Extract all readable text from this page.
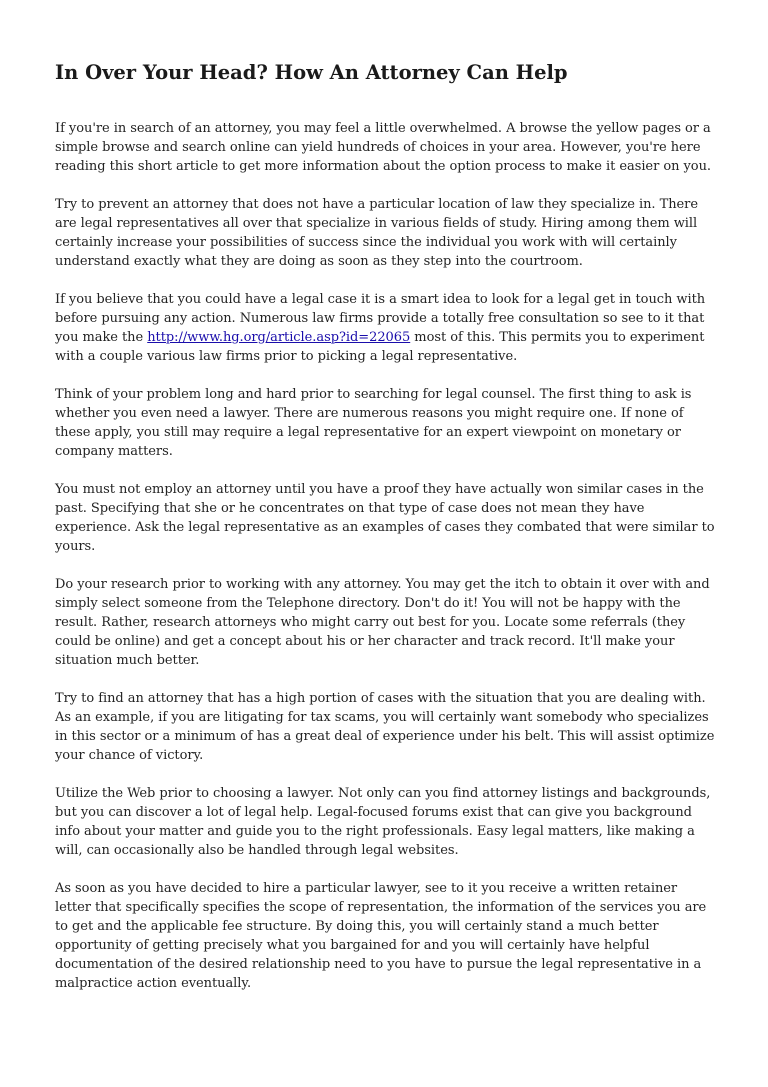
In Over Your Head? How An Attorney Can Help

If you're in search of an attorney, you may feel a little overwhelmed. A browse the yellow pages or a simple browse and search online can yield hundreds of choices in your area. However, you're here reading this short article to get more information about the option process to make it easier on you.

Try to prevent an attorney that does not have a particular location of law they specialize in. There are legal representatives all over that specialize in various fields of study. Hiring among them will certainly increase your possibilities of success since the individual you work with will certainly understand exactly what they are doing as soon as they step into the courtroom.

If you believe that you could have a legal case it is a smart idea to look for a legal get in touch with before pursuing any action. Numerous law firms provide a totally free consultation so see to it that you make the http://www.hg.org/article.asp?id=22065 most of this. This permits you to experiment with a couple various law firms prior to picking a legal representative.

Think of your problem long and hard prior to searching for legal counsel. The first thing to ask is whether you even need a lawyer. There are numerous reasons you might require one. If none of these apply, you still may require a legal representative for an expert viewpoint on monetary or company matters.

You must not employ an attorney until you have a proof they have actually won similar cases in the past. Specifying that she or he concentrates on that type of case does not mean they have experience. Ask the legal representative as an examples of cases they combated that were similar to yours.

Do your research prior to working with any attorney. You may get the itch to obtain it over with and simply select someone from the Telephone directory. Don't do it! You will not be happy with the result. Rather, research attorneys who might carry out best for you. Locate some referrals (they could be online) and get a concept about his or her character and track record. It'll make your situation much better.

Try to find an attorney that has a high portion of cases with the situation that you are dealing with. As an example, if you are litigating for tax scams, you will certainly want somebody who specializes in this sector or a minimum of has a great deal of experience under his belt. This will assist optimize your chance of victory.

Utilize the Web prior to choosing a lawyer. Not only can you find attorney listings and backgrounds, but you can discover a lot of legal help. Legal-focused forums exist that can give you background info about your matter and guide you to the right professionals. Easy legal matters, like making a will, can occasionally also be handled through legal websites.

As soon as you have decided to hire a particular lawyer, see to it you receive a written retainer letter that specifically specifies the scope of representation, the information of the services you are to get and the applicable fee structure. By doing this, you will certainly stand a much better opportunity of getting precisely what you bargained for and you will certainly have helpful documentation of the desired relationship need to you have to pursue the legal representative in a malpractice action eventually.
